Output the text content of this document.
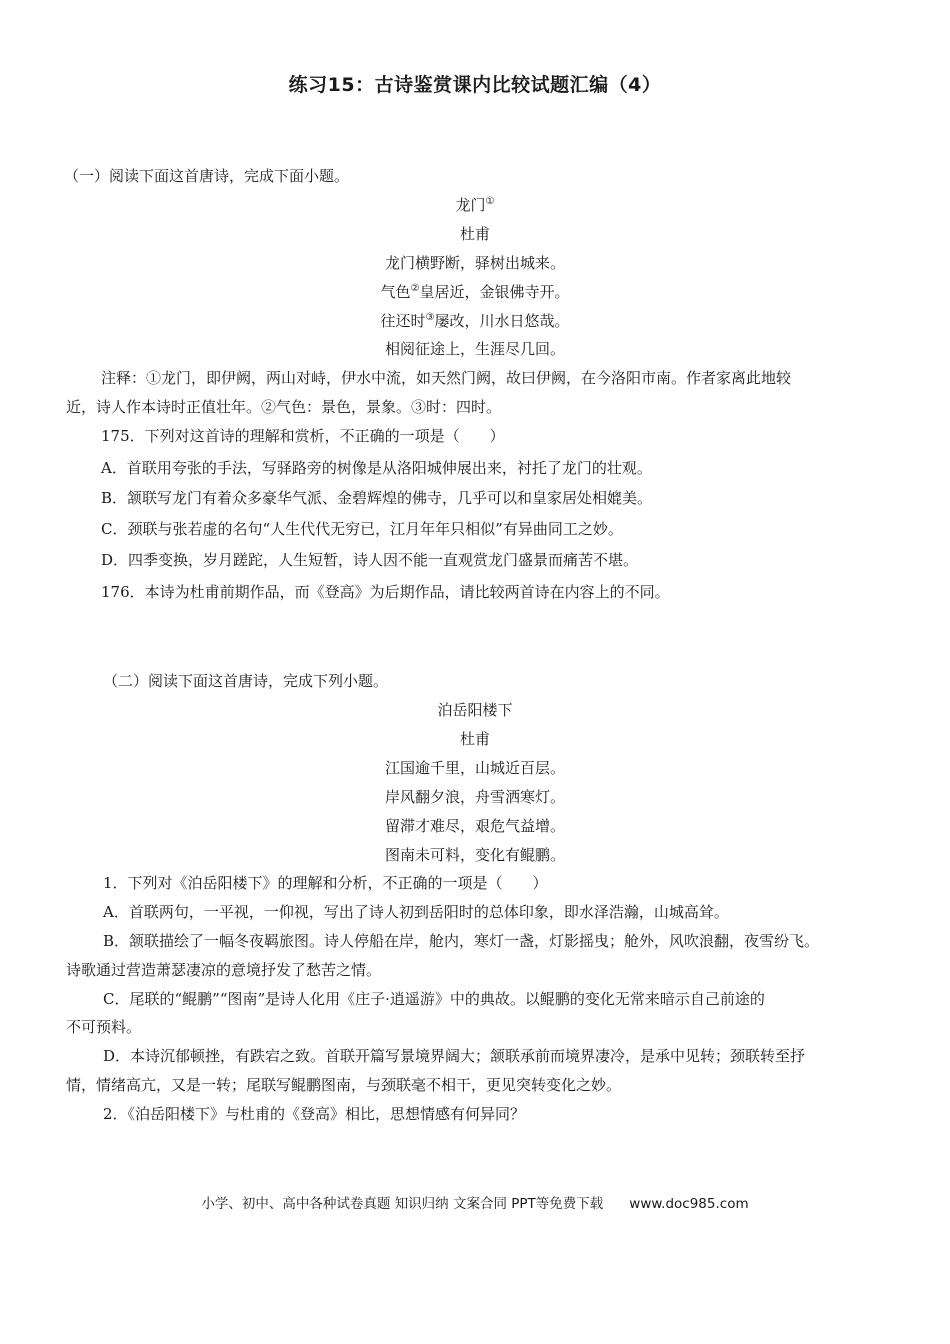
练习15：古诗鉴赏课内比较试题汇编（4）
（一）阅读下面这首唐诗，完成下面小题。
龙门①
杜甫
龙门横野断，驿树出城来。
气色②皇居近，金银佛寺开。
往还时③屡改，川水日悠哉。
相阅征途上，生涯尽几回。
注释：①龙门，即伊阙，两山对峙，伊水中流，如天然门阙，故曰伊阙，在今洛阳市南。作者家离此地较
近，诗人作本诗时正值壮年。②气色：景色，景象。③时：四时。
175．下列对这首诗的理解和赏析，不正确的一项是（　　）
A．首联用夸张的手法，写驿路旁的树像是从洛阳城伸展出来，衬托了龙门的壮观。
B．颔联写龙门有着众多豪华气派、金碧辉煌的佛寺，几乎可以和皇家居处相媲美。
C．颈联与张若虚的名句“人生代代无穷已，江月年年只相似”有异曲同工之妙。
D．四季变换，岁月蹉跎，人生短暂，诗人因不能一直观赏龙门盛景而痛苦不堪。
176．本诗为杜甫前期作品，而《登高》为后期作品，请比较两首诗在内容上的不同。
（二）阅读下面这首唐诗，完成下列小题。
泊岳阳楼下
杜甫
江国逾千里，山城近百层。
岸风翻夕浪，舟雪洒寒灯。
留滞才难尽，艰危气益增。
图南未可料，变化有鲲鹏。
1．下列对《泊岳阳楼下》的理解和分析，不正确的一项是（　　）
A．首联两句，一平视，一仰视，写出了诗人初到岳阳时的总体印象，即水泽浩瀚，山城高耸。
B．颔联描绘了一幅冬夜羁旅图。诗人停船在岸，舱内，寒灯一盏，灯影摇曳；舱外，风吹浪翻，夜雪纷飞。
诗歌通过营造萧瑟凄凉的意境抒发了愁苦之情。
C．尾联的“鲲鹏”“图南”是诗人化用《庄子·逍遥游》中的典故。以鲲鹏的变化无常来暗示自己前途的
不可预料。
D．本诗沉郁顿挫，有跌宕之致。首联开篇写景境界阔大；颔联承前而境界凄冷，是承中见转；颈联转至抒
情，情绪高亢，又是一转；尾联写鲲鹏图南，与颈联毫不相干，更见突转变化之妙。
2．《泊岳阳楼下》与杜甫的《登高》相比，思想情感有何异同？
小学、初中、高中各种试卷真题 知识归纳 文案合同 PPT等免费下载 www.doc985.com
